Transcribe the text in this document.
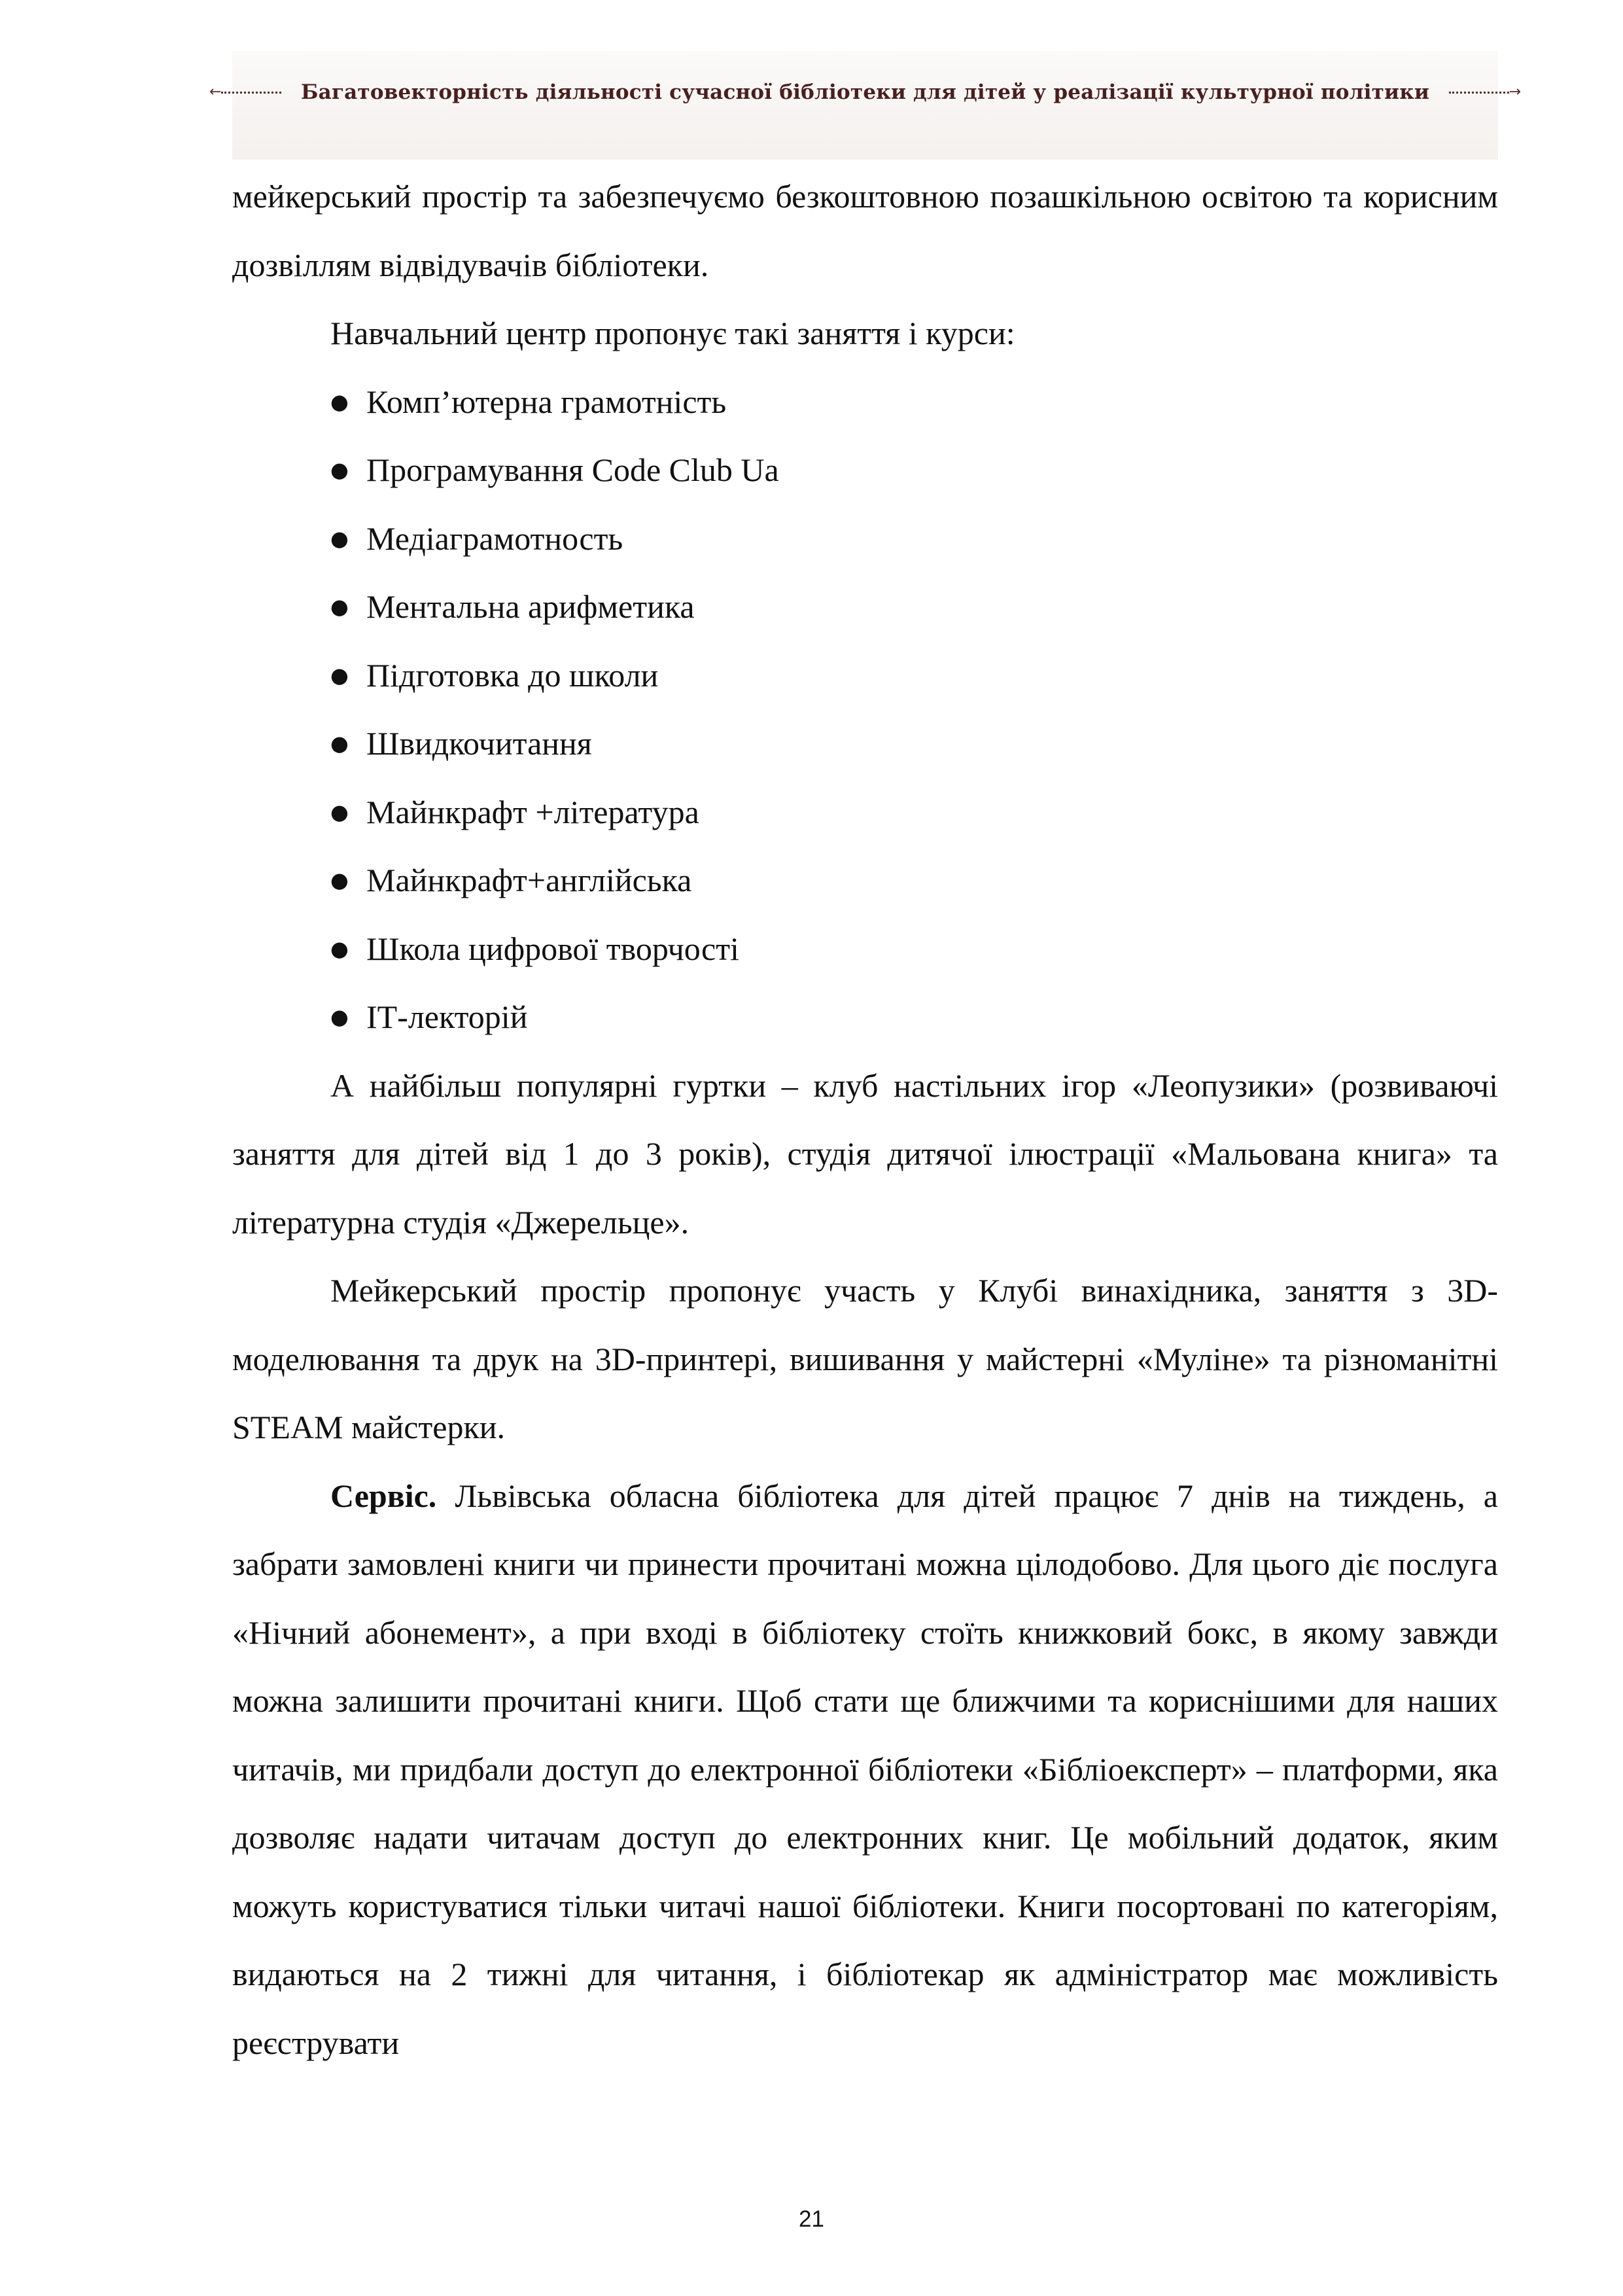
←	Багатовекторність діяльності сучасної бібліотеки для дітей у реалізації культурної політики	→

мейкерський простір та забезпечуємо безкоштовною позашкільною освітою та корисним дозвіллям відвідувачів бібліотеки.

Навчальний центр пропонує такі заняття і курси:

● Комп’ютерна грамотність
● Програмування Code Club Ua
● Медіаграмотность
● Ментальна арифметика
● Підготовка до школи
● Швидкочитання
● Майнкрафт +література
● Майнкрафт+англійська
● Школа цифрової творчості
● ІТ-лекторій

А найбільш популярні гуртки – клуб настільних ігор «Леопузики» (розвиваючі заняття для дітей від 1 до 3 років), студія дитячої ілюстрації «Мальована книга» та літературна студія «Джерельце».

Мейкерський простір пропонує участь у Клубі винахідника, заняття з 3D-моделювання та друк на 3D-принтері, вишивання у майстерні «Муліне» та різноманітні STEAM майстерки.

Сервіс. Львівська обласна бібліотека для дітей працює 7 днів на тиждень, а забрати замовлені книги чи принести прочитані можна цілодобово. Для цього діє послуга «Нічний абонемент», а при вході в бібліотеку стоїть книжковий бокс, в якому завжди можна залишити прочитані книги. Щоб стати ще ближчими та кориснішими для наших читачів, ми придбали доступ до електронної бібліотеки «Бібліоексперт» – платформи, яка дозволяє надати читачам доступ до електронних книг. Це мобільний додаток, яким можуть користуватися тільки читачі нашої бібліотеки. Книги посортовані по категоріям, видаються на 2 тижні для читання, і бібліотекар як адміністратор має можливість реєструвати

21
